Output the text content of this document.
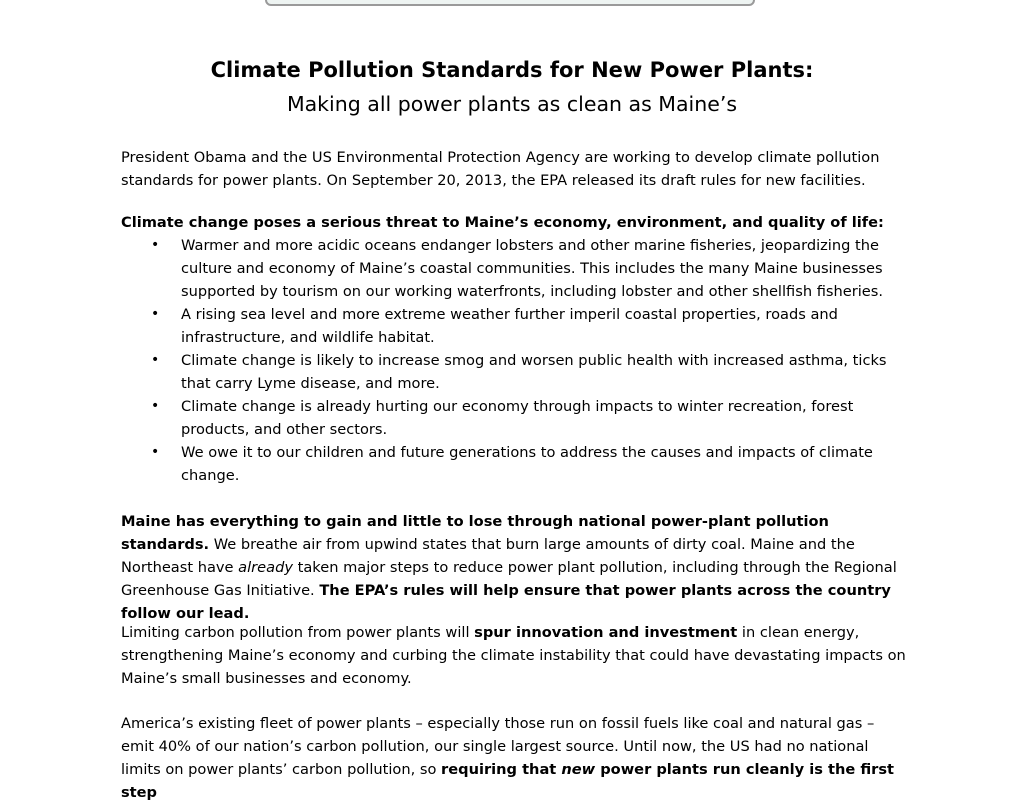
Climate Pollution Standards for New Power Plants:
Making all power plants as clean as Maine’s

President Obama and the US Environmental Protection Agency are working to develop climate pollution standards for power plants. On September 20, 2013, the EPA released its draft rules for new facilities.

Climate change poses a serious threat to Maine’s economy, environment, and quality of life:

• Warmer and more acidic oceans endanger lobsters and other marine fisheries, jeopardizing the culture and economy of Maine’s coastal communities. This includes the many Maine businesses supported by tourism on our working waterfronts, including lobster and other shellfish fisheries.
• A rising sea level and more extreme weather further imperil coastal properties, roads and infrastructure, and wildlife habitat.
• Climate change is likely to increase smog and worsen public health with increased asthma, ticks that carry Lyme disease, and more.
• Climate change is already hurting our economy through impacts to winter recreation, forest products, and other sectors.
• We owe it to our children and future generations to address the causes and impacts of climate change.

Maine has everything to gain and little to lose through national power-plant pollution standards. We breathe air from upwind states that burn large amounts of dirty coal. Maine and the Northeast have already taken major steps to reduce power plant pollution, including through the Regional Greenhouse Gas Initiative. The EPA’s rules will help ensure that power plants across the country follow our lead.

Limiting carbon pollution from power plants will spur innovation and investment in clean energy, strengthening Maine’s economy and curbing the climate instability that could have devastating impacts on Maine’s small businesses and economy.

America’s existing fleet of power plants – especially those run on fossil fuels like coal and natural gas – emit 40% of our nation’s carbon pollution, our single largest source. Until now, the US had no national limits on power plants’ carbon pollution, so requiring that new power plants run cleanly is the first step
